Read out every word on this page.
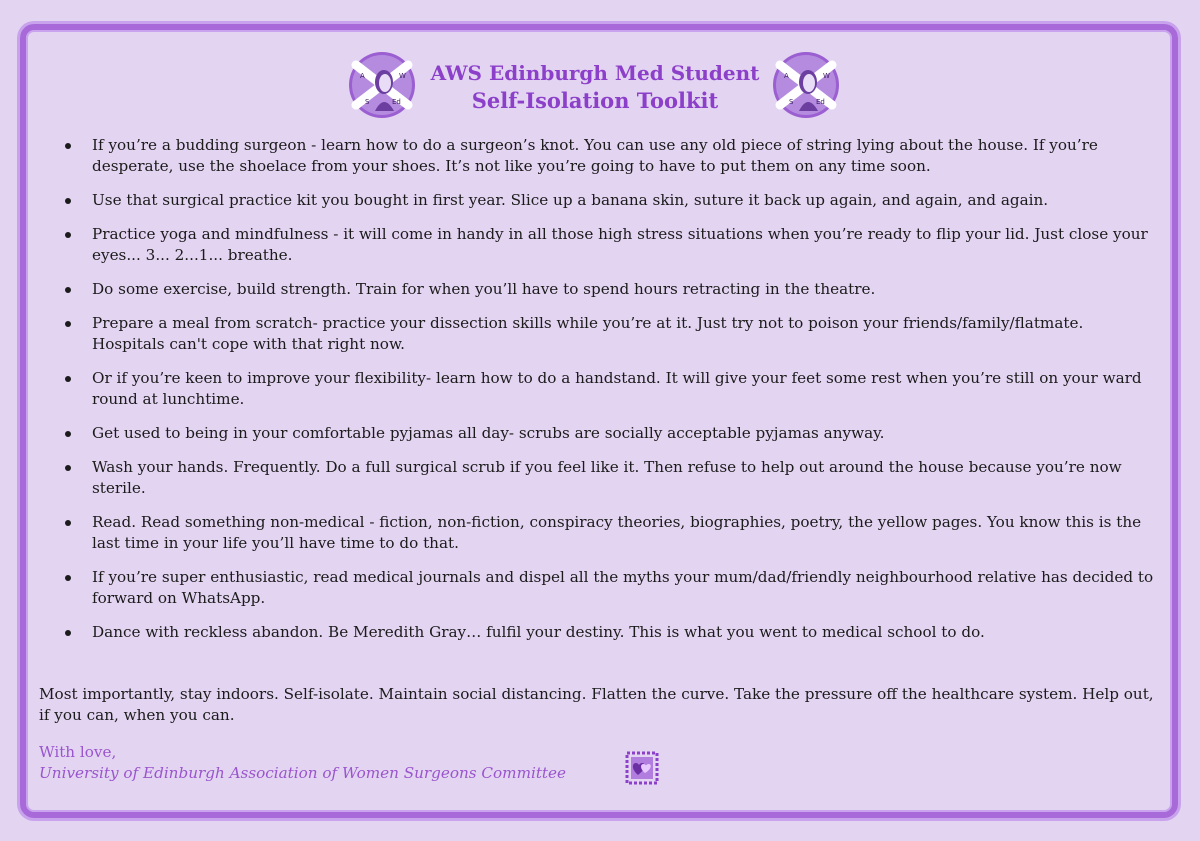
A	W
S	Ed
AWS Edinburgh Med Student
Self-Isolation Toolkit
A	W
S	Ed
If you’re a budding surgeon - learn how to do a surgeon’s knot. You can use any old piece of string lying about the house. If you’re desperate, use the shoelace from your shoes. It’s not like you’re going to have to put them on any time soon.
Use that surgical practice kit you bought in first year. Slice up a banana skin, suture it back up again, and again, and again.
Practice yoga and mindfulness - it will come in handy in all those high stress situations when you’re ready to flip your lid. Just close your eyes... 3... 2...1... breathe.
Do some exercise, build strength. Train for when you’ll have to spend hours retracting in the theatre.
Prepare a meal from scratch- practice your dissection skills while you’re at it. Just try not to poison your friends/family/flatmate. Hospitals can't cope with that right now.
Or if you’re keen to improve your flexibility- learn how to do a handstand. It will give your feet some rest when you’re still on your ward round at lunchtime.
Get used to being in your comfortable pyjamas all day- scrubs are socially acceptable pyjamas anyway.
Wash your hands. Frequently. Do a full surgical scrub if you feel like it. Then refuse to help out around the house because you’re now sterile.
Read. Read something non-medical - fiction, non-fiction, conspiracy theories, biographies, poetry, the yellow pages. You know this is the last time in your life you’ll have time to do that.
If you’re super enthusiastic, read medical journals and dispel all the myths your mum/dad/friendly neighbourhood relative has decided to forward on WhatsApp.
Dance with reckless abandon. Be Meredith Gray… fulfil your destiny. This is what you went to medical school to do.

Most importantly, stay indoors. Self-isolate. Maintain social distancing. Flatten the curve. Take the pressure off the healthcare system. Help out, if you can, when you can.

With love,
University of Edinburgh Association of Women Surgeons Committee
